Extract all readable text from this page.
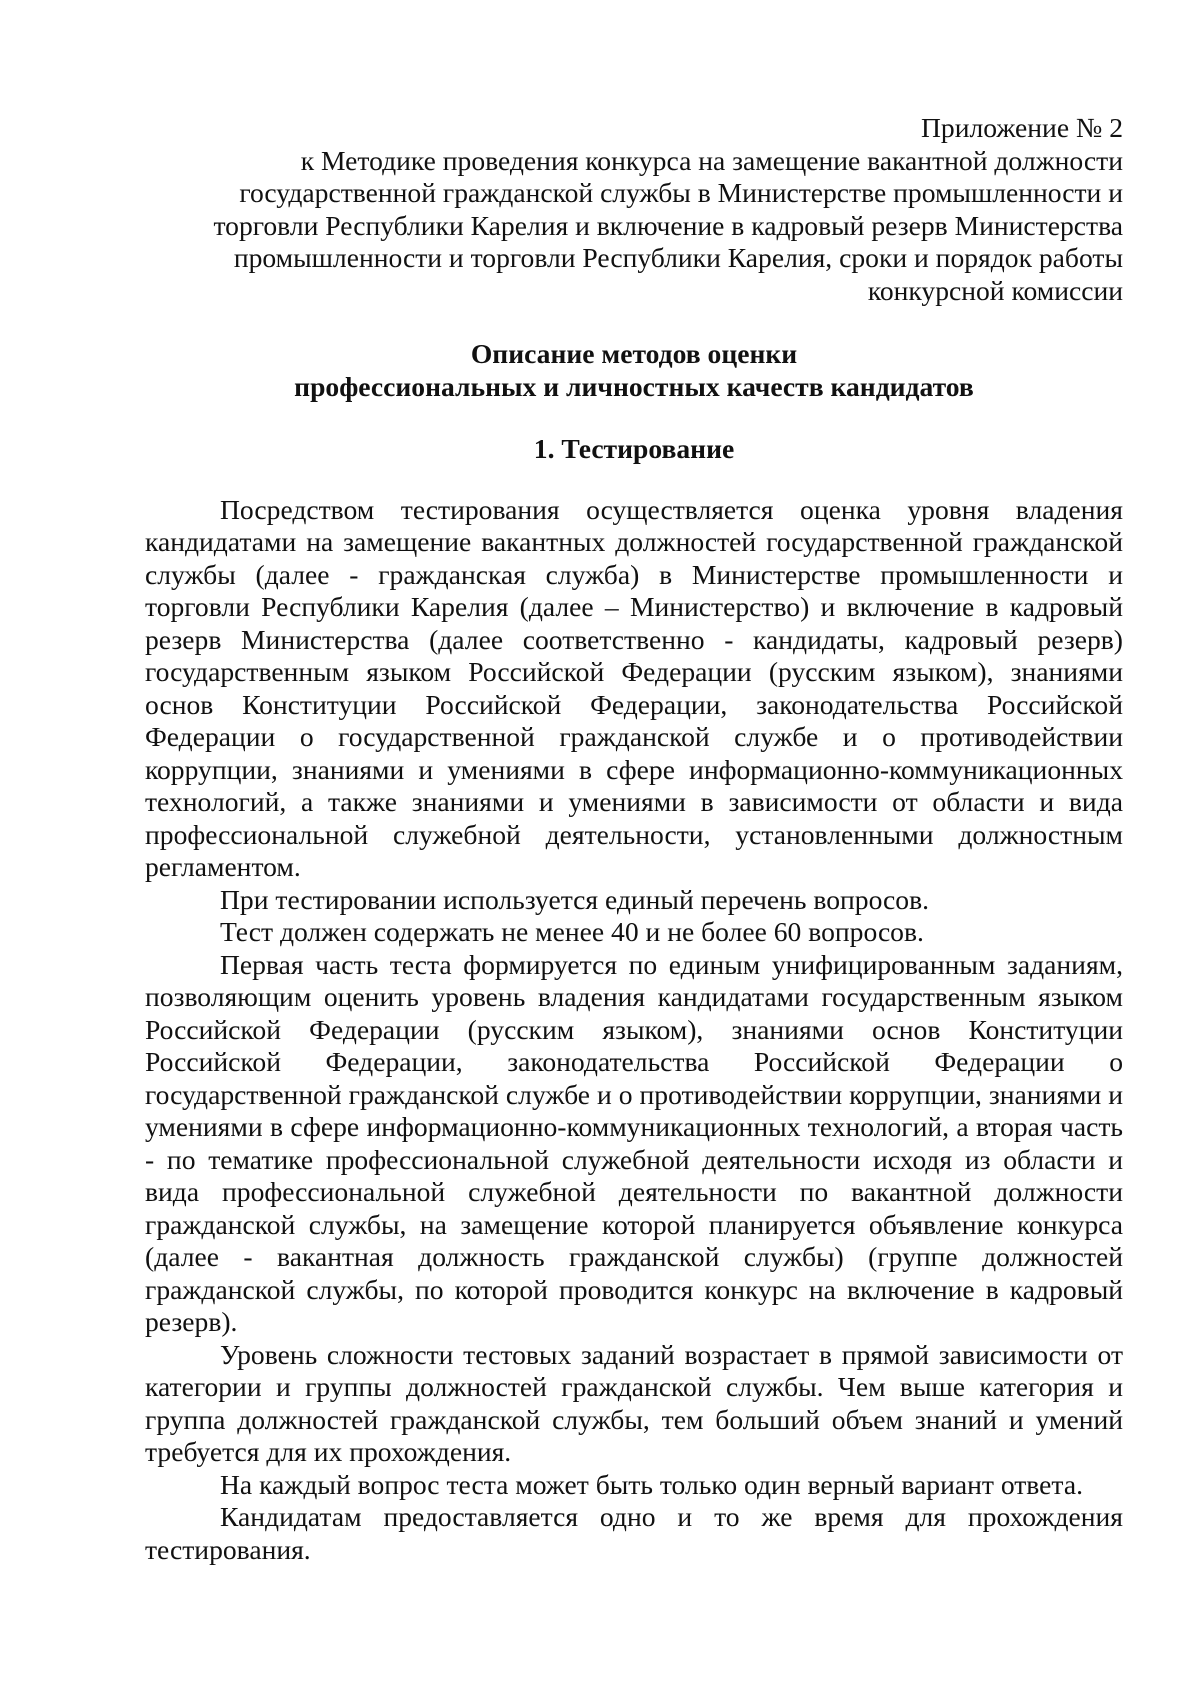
Приложение № 2

к Методике проведения конкурса на замещение вакантной должности

государственной гражданской службы в Министерстве промышленности и

торговли Республики Карелия и включение в кадровый резерв Министерства

промышленности и торговли Республики Карелия, сроки и порядок работы

конкурсной комиссии

Описание методов оценки

профессиональных и личностных качеств кандидатов

1. Тестирование

Посредством тестирования осуществляется оценка уровня владения кандидатами на замещение вакантных должностей государственной гражданской службы (далее - гражданская служба) в Министерстве промышленности и торговли Республики Карелия (далее – Министерство) и включение в кадровый резерв Министерства (далее соответственно - кандидаты, кадровый резерв) государственным языком Российской Федерации (русским языком), знаниями основ Конституции Российской Федерации, законодательства Российской Федерации о государственной гражданской службе и о противодействии коррупции, знаниями и умениями в сфере информационно-коммуникационных технологий, а также знаниями и умениями в зависимости от области и вида профессиональной служебной деятельности, установленными должностным регламентом.

При тестировании используется единый перечень вопросов.

Тест должен содержать не менее 40 и не более 60 вопросов.

Первая часть теста формируется по единым унифицированным заданиям, позволяющим оценить уровень владения кандидатами государственным языком Российской Федерации (русским языком), знаниями основ Конституции Российской Федерации, законодательства Российской Федерации о государственной гражданской службе и о противодействии коррупции, знаниями и умениями в сфере информационно-коммуникационных технологий, а вторая часть - по тематике профессиональной служебной деятельности исходя из области и вида профессиональной служебной деятельности по вакантной должности гражданской службы, на замещение которой планируется объявление конкурса (далее - вакантная должность гражданской службы) (группе должностей гражданской службы, по которой проводится конкурс на включение в кадровый резерв).

Уровень сложности тестовых заданий возрастает в прямой зависимости от категории и группы должностей гражданской службы. Чем выше категория и группа должностей гражданской службы, тем больший объем знаний и умений требуется для их прохождения.

На каждый вопрос теста может быть только один верный вариант ответа.

Кандидатам предоставляется одно и то же время для прохождения тестирования.
